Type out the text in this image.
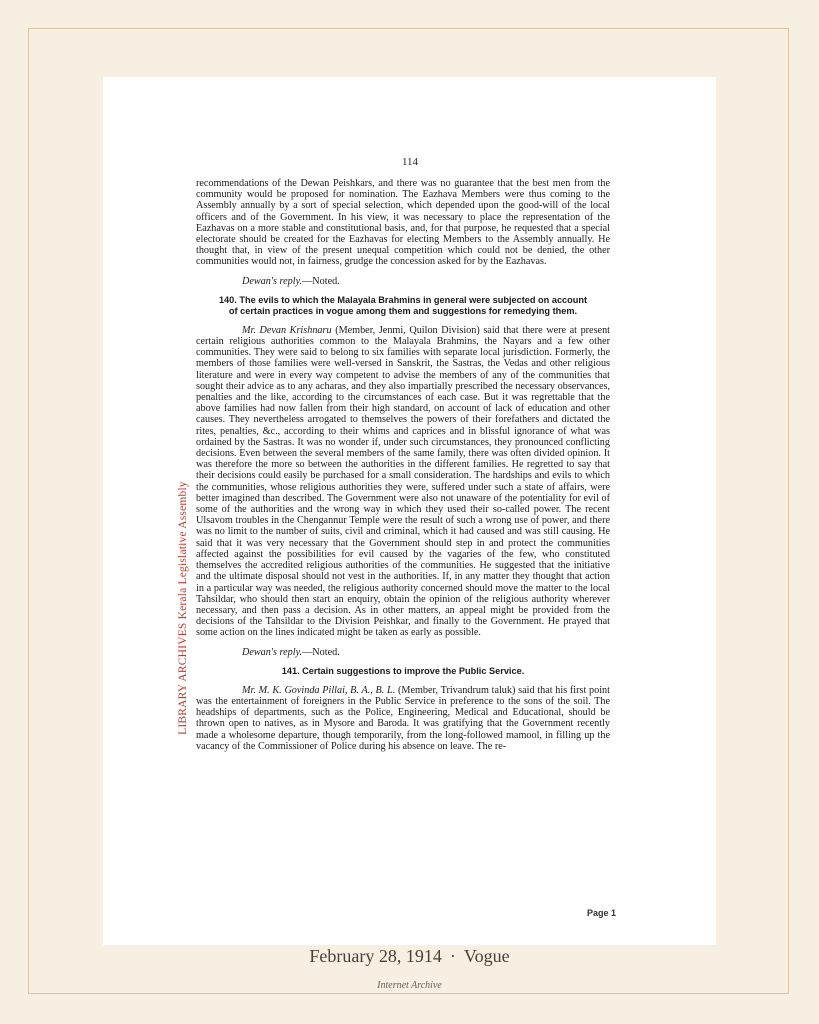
LIBRARY ARCHIVES Kerala Legislative Assembly
114

recommendations of the Dewan Peishkars, and there was no guarantee that the best men from the community would be proposed for nomination. The Eazhava Members were thus coming to the Assembly annually by a sort of special selection, which depended upon the good-will of the local officers and of the Government. In his view, it was necessary to place the representation of the Eazhavas on a more stable and constitutional basis, and, for that purpose, he requested that a special electorate should be created for the Eazhavas for electing Members to the Assembly annually. He thought that, in view of the present unequal competition which could not be denied, the other communities would not, in fairness, grudge the concession asked for by the Eazhavas.

Dewan's reply.—Noted.

140. The evils to which the Malayala Brahmins in general were subjected on account of certain practices in vogue among them and suggestions for remedying them.

Mr. Devan Krishnaru (Member, Jenmi, Quilon Division) said that there were at present certain religious authorities common to the Malayala Brahmins, the Nayars and a few other communities. They were said to belong to six families with separate local jurisdiction. Formerly, the members of those families were well-versed in Sanskrit, the Sastras, the Vedas and other religious literature and were in every way competent to advise the members of any of the communities that sought their advice as to any acharas, and they also impartially prescribed the necessary observances, penalties and the like, according to the circumstances of each case. But it was regrettable that the above families had now fallen from their high standard, on account of lack of education and other causes. They nevertheless arrogated to themselves the powers of their forefathers and dictated the rites, penalties, &c., according to their whims and caprices and in blissful ignorance of what was ordained by the Sastras. It was no wonder if, under such circumstances, they pronounced conflicting decisions. Even between the several members of the same family, there was often divided opinion. It was therefore the more so between the authorities in the different families. He regretted to say that their decisions could easily be purchased for a small consideration. The hardships and evils to which the communities, whose religious authorities they were, suffered under such a state of affairs, were better imagined than described. The Government were also not unaware of the potentiality for evil of some of the authorities and the wrong way in which they used their so-called power. The recent Ulsavom troubles in the Chengannur Temple were the result of such a wrong use of power, and there was no limit to the number of suits, civil and criminal, which it had caused and was still causing. He said that it was very necessary that the Government should step in and protect the communities affected against the possibilities for evil caused by the vagaries of the few, who constituted themselves the accredited religious authorities of the communities. He suggested that the initiative and the ultimate disposal should not vest in the authorities. If, in any matter they thought that action in a particular way was needed, the religious authority concerned should move the matter to the local Tahsildar, who should then start an enquiry, obtain the opinion of the religious authority wherever necessary, and then pass a decision. As in other matters, an appeal might be provided from the decisions of the Tahsildar to the Division Peishkar, and finally to the Government. He prayed that some action on the lines indicated might be taken as early as possible.

Dewan's reply.—Noted.

141. Certain suggestions to improve the Public Service.

Mr. M. K. Govinda Pillai, B. A., B. L. (Member, Trivandrum taluk) said that his first point was the entertainment of foreigners in the Public Service in preference to the sons of the soil. The headships of departments, such as the Police, Engineering, Medical and Educational, should be thrown open to natives, as in Mysore and Baroda. It was gratifying that the Government recently made a wholesome departure, though temporarily, from the long-followed mamool, in filling up the vacancy of the Commissioner of Police during his absence on leave. The re-

Page 1
February 28, 1914 · Vogue
Internet Archive
